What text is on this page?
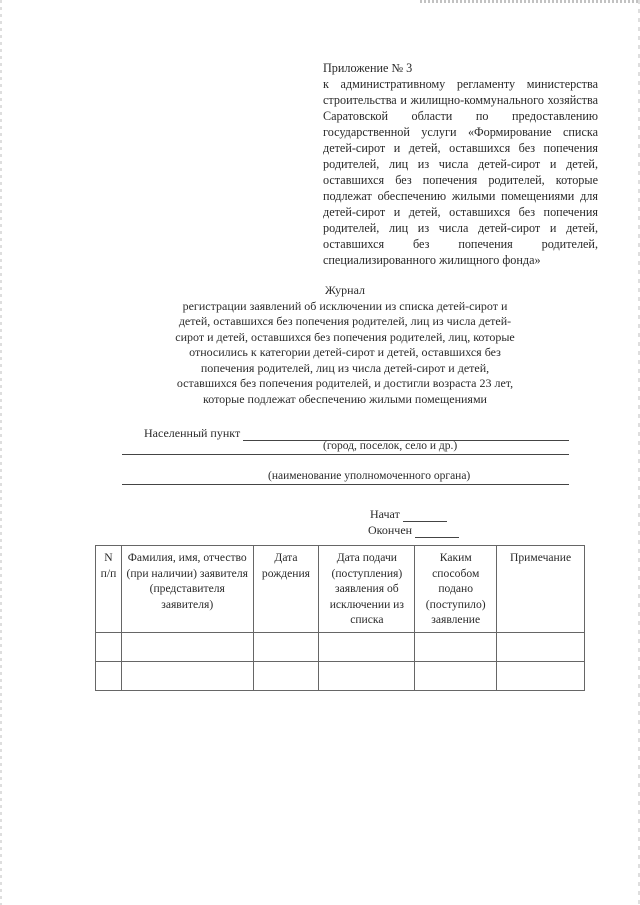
Приложение № 3
к административному регламенту министерства строительства и жилищно-коммунального хозяйства Саратовской области по предоставлению государственной услуги «Формирование списка детей-сирот и детей, оставшихся без попечения родителей, лиц из числа детей-сирот и детей, оставшихся без попечения родителей, которые подлежат обеспечению жилыми помещениями для детей-сирот и детей, оставшихся без попечения родителей, лиц из числа детей-сирот и детей, оставшихся без попечения родителей, специализированного жилищного фонда»
Журнал
регистрации заявлений об исключении из списка детей-сирот и детей, оставшихся без попечения родителей, лиц из числа детей-сирот и детей, оставшихся без попечения родителей, лиц, которые относились к категории детей-сирот и детей, оставшихся без попечения родителей, лиц из числа детей-сирот и детей, оставшихся без попечения родителей, и достигли возраста 23 лет, которые подлежат обеспечению жилыми помещениями
Населенный пункт
(город, поселок, село и др.)
(наименование уполномоченного органа)
Начат
Окончен
N п/п	Фамилия, имя, отчество (при наличии) заявителя (представителя заявителя)	Дата рождения	Дата подачи (поступления) заявления об исключении из списка	Каким способом подано (поступило) заявление	Примечание
